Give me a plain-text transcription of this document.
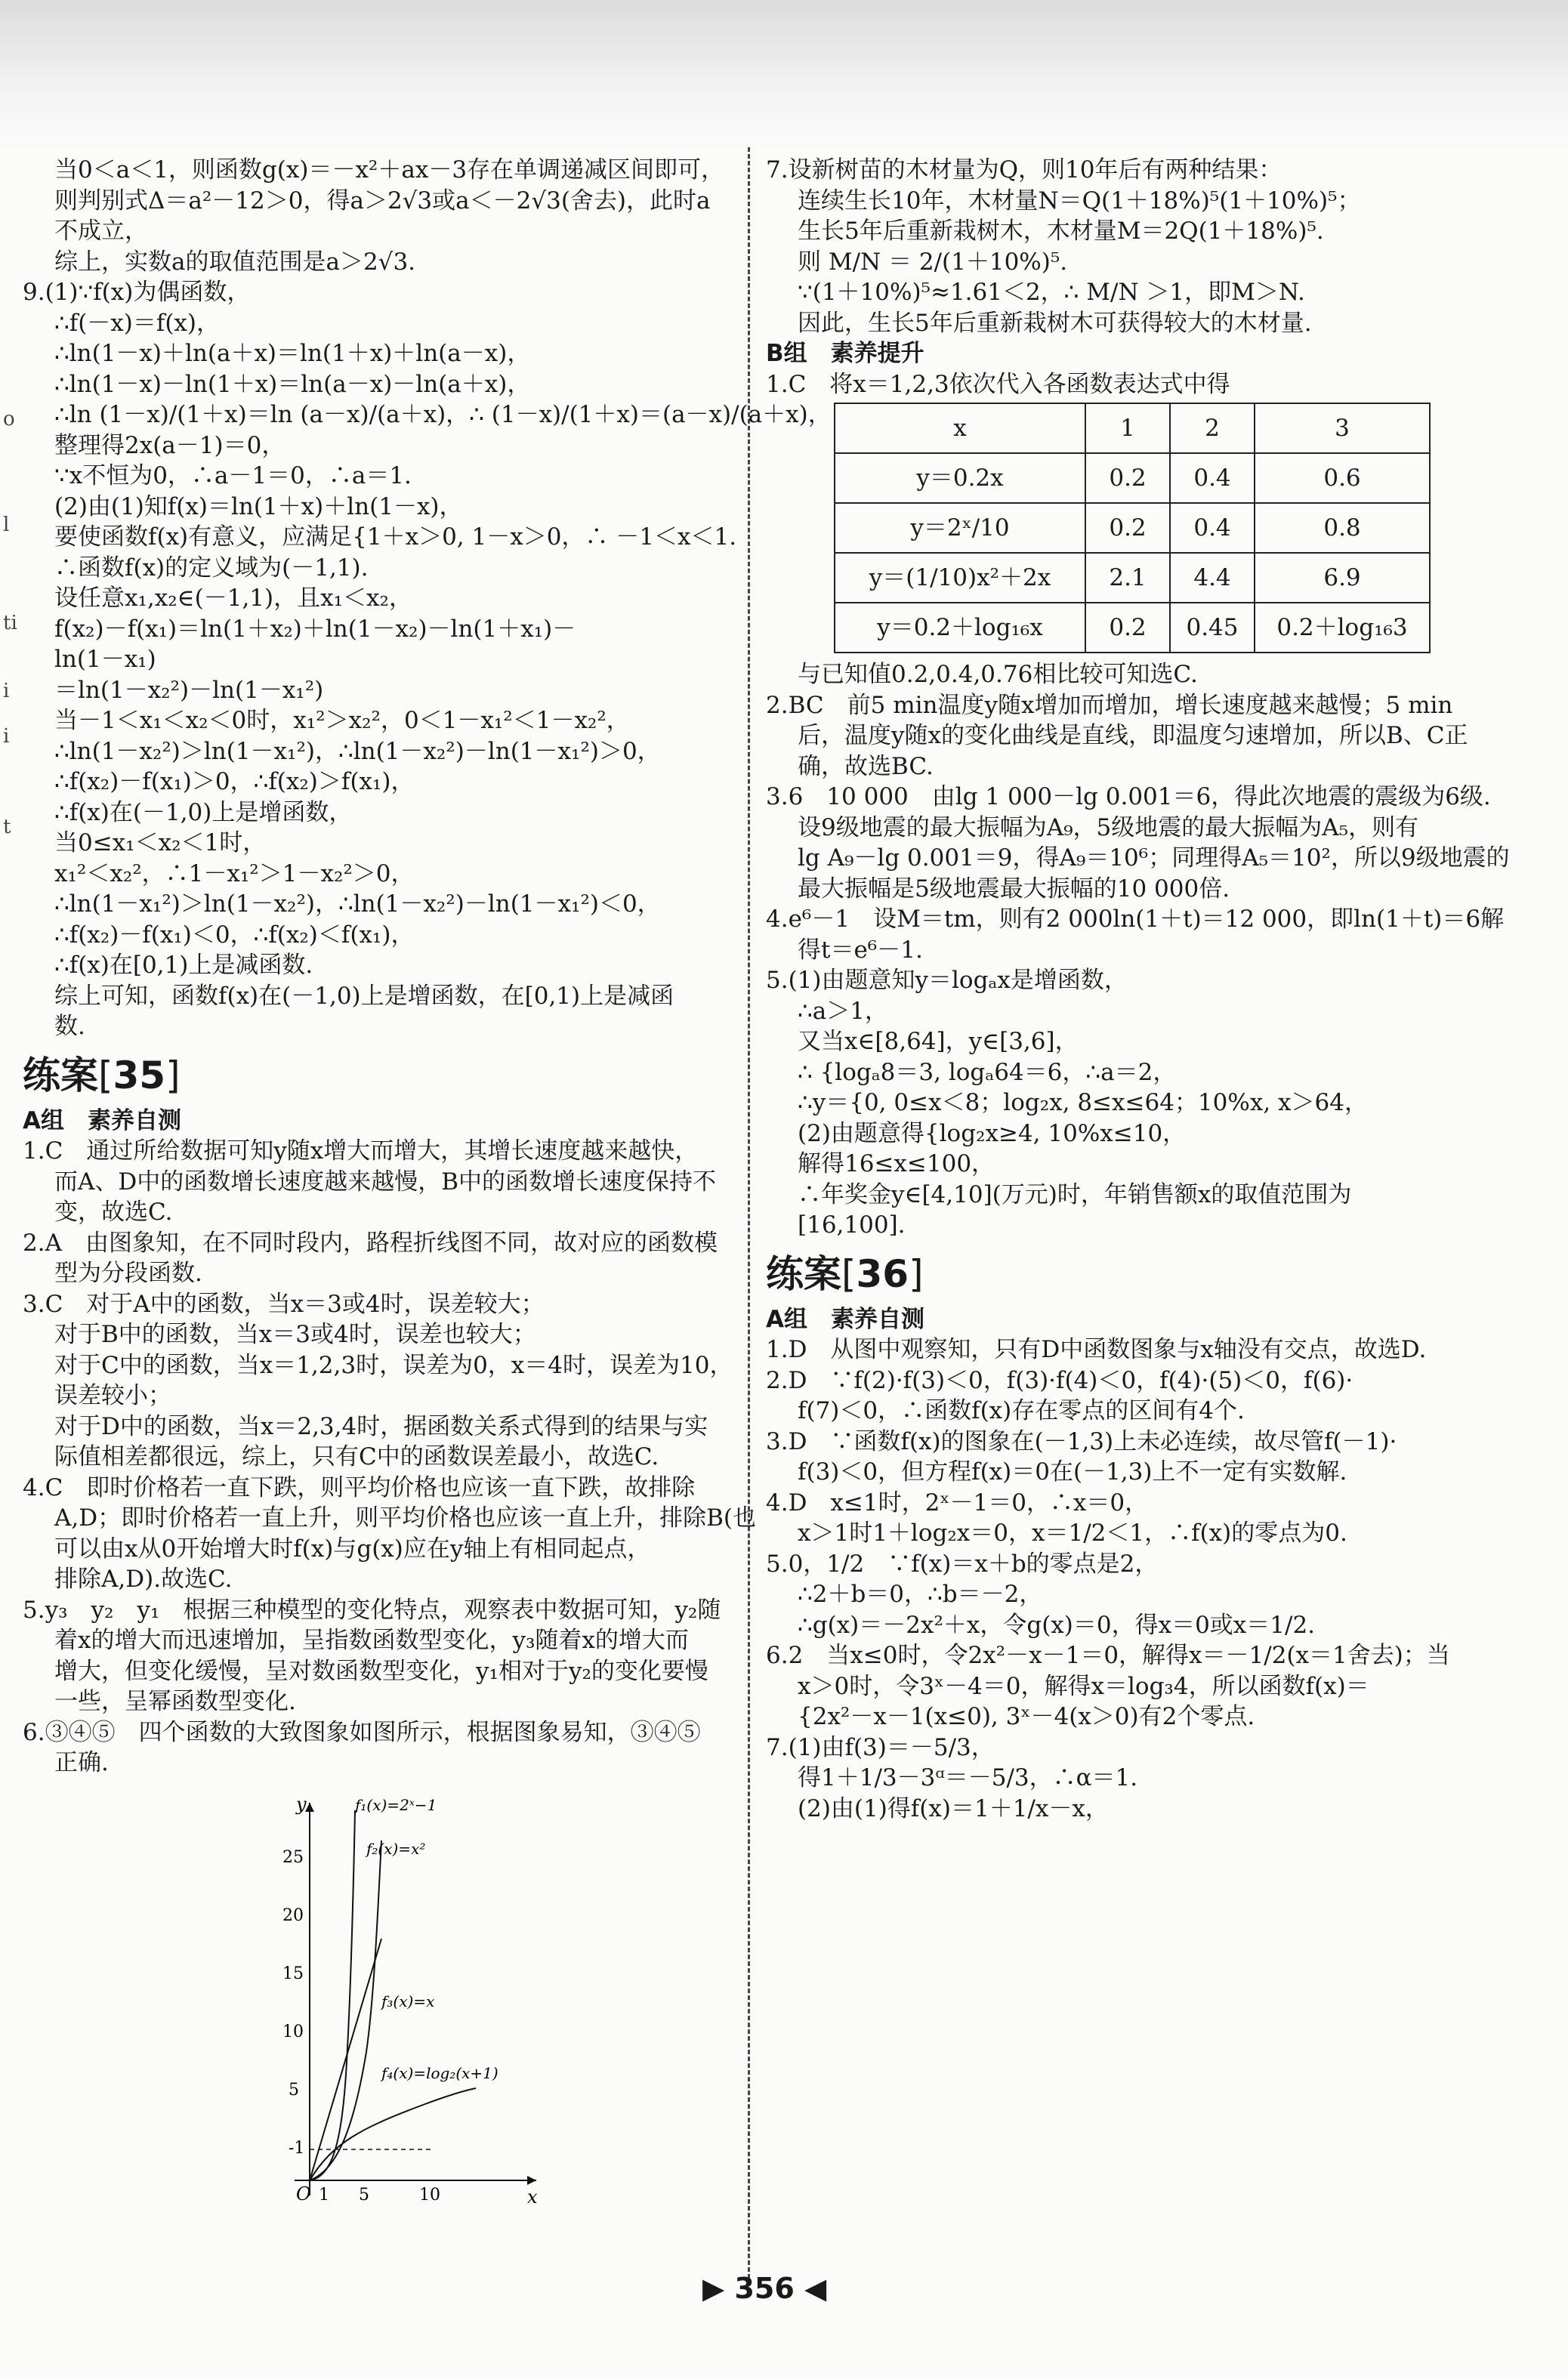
o
l
ti
i
i
t
当0＜a＜1，则函数g(x)＝－x²＋ax－3存在单调递减区间即可，
则判别式Δ＝a²－12＞0，得a＞2√3或a＜－2√3(舍去)，此时a
不成立，
综上，实数a的取值范围是a＞2√3.
9.(1)∵f(x)为偶函数，
∴f(－x)＝f(x)，
∴ln(1－x)＋ln(a＋x)＝ln(1＋x)＋ln(a－x)，
∴ln(1－x)－ln(1＋x)＝ln(a－x)－ln(a＋x)，
∴ln (1－x)/(1＋x)＝ln (a－x)/(a＋x)，∴ (1－x)/(1＋x)＝(a－x)/(a＋x)，
整理得2x(a－1)＝0，
∵x不恒为0，∴a－1＝0，∴a＝1.
(2)由(1)知f(x)＝ln(1＋x)＋ln(1－x)，
要使函数f(x)有意义，应满足{1＋x＞0, 1－x＞0，∴ －1＜x＜1.
∴函数f(x)的定义域为(－1,1).
设任意x₁,x₂∈(－1,1)，且x₁＜x₂，
f(x₂)－f(x₁)＝ln(1＋x₂)＋ln(1－x₂)－ln(1＋x₁)－
ln(1－x₁)
＝ln(1－x₂²)－ln(1－x₁²)
当－1＜x₁＜x₂＜0时，x₁²＞x₂²，0＜1－x₁²＜1－x₂²，
∴ln(1－x₂²)＞ln(1－x₁²)，∴ln(1－x₂²)－ln(1－x₁²)＞0，
∴f(x₂)－f(x₁)＞0，∴f(x₂)＞f(x₁)，
∴f(x)在(－1,0)上是增函数，
当0≤x₁＜x₂＜1时，
x₁²＜x₂²，∴1－x₁²＞1－x₂²＞0，
∴ln(1－x₁²)＞ln(1－x₂²)，∴ln(1－x₂²)－ln(1－x₁²)＜0，
∴f(x₂)－f(x₁)＜0，∴f(x₂)＜f(x₁)，
∴f(x)在[0,1)上是减函数.
综上可知，函数f(x)在(－1,0)上是增函数，在[0,1)上是减函
数.
练案[35]
A组　素养自测
1.C　通过所给数据可知y随x增大而增大，其增长速度越来越快，
而A、D中的函数增长速度越来越慢，B中的函数增长速度保持不
变，故选C.
2.A　由图象知，在不同时段内，路程折线图不同，故对应的函数模
型为分段函数.
3.C　对于A中的函数，当x＝3或4时，误差较大；
对于B中的函数，当x＝3或4时，误差也较大；
对于C中的函数，当x＝1,2,3时，误差为0，x＝4时，误差为10，
误差较小；
对于D中的函数，当x＝2,3,4时，据函数关系式得到的结果与实
际值相差都很远，综上，只有C中的函数误差最小，故选C.
4.C　即时价格若一直下跌，则平均价格也应该一直下跌，故排除
A,D；即时价格若一直上升，则平均价格也应该一直上升，排除B(也
可以由x从0开始增大时f(x)与g(x)应在y轴上有相同起点，
排除A,D).故选C.
5.y₃　y₂　y₁　根据三种模型的变化特点，观察表中数据可知，y₂随
着x的增大而迅速增加，呈指数函数型变化，y₃随着x的增大而
增大，但变化缓慢，呈对数函数型变化，y₁相对于y₂的变化要慢
一些，呈幂函数型变化.
6.③④⑤　四个函数的大致图象如图所示，根据图象易知，③④⑤
正确.
y
x
O
25
20
15
10
5
-1
1 5	10
f₁(x)=2ˣ−1
f₂(x)=x²
f₃(x)=x
f₄(x)=log₂(x+1)
7.设新树苗的木材量为Q，则10年后有两种结果：
连续生长10年，木材量N＝Q(1＋18%)⁵(1＋10%)⁵；
生长5年后重新栽树木，木材量M＝2Q(1＋18%)⁵.
则 M/N ＝ 2/(1＋10%)⁵.
∵(1＋10%)⁵≈1.61＜2，∴ M/N ＞1，即M＞N.
因此，生长5年后重新栽树木可获得较大的木材量.
B组　素养提升
1.C　将x＝1,2,3依次代入各函数表达式中得
x	1	2	3
y＝0.2x	0.2	0.4	0.6
y＝2ˣ/10	0.2	0.4	0.8
y＝(1/10)x²＋2x	2.1	4.4	6.9
y＝0.2＋log₁₆x	0.2	0.45	0.2＋log₁₆3
与已知值0.2,0.4,0.76相比较可知选C.
2.BC　前5 min温度y随x增加而增加，增长速度越来越慢；5 min
后，温度y随x的变化曲线是直线，即温度匀速增加，所以B、C正
确，故选BC.
3.6　10 000　由lg 1 000－lg 0.001＝6，得此次地震的震级为6级.
设9级地震的最大振幅为A₉，5级地震的最大振幅为A₅，则有
lg A₉－lg 0.001＝9，得A₉＝10⁶；同理得A₅＝10²，所以9级地震的
最大振幅是5级地震最大振幅的10 000倍.
4.e⁶－1　设M＝tm，则有2 000ln(1＋t)＝12 000，即ln(1＋t)＝6解
得t＝e⁶－1.
5.(1)由题意知y＝logₐx是增函数，
∴a＞1，
又当x∈[8,64]，y∈[3,6]，
∴ {logₐ8＝3, logₐ64＝6，∴a＝2，
∴y＝{0, 0≤x＜8；log₂x, 8≤x≤64；10%x, x＞64，
(2)由题意得{log₂x≥4, 10%x≤10，
解得16≤x≤100，
∴年奖金y∈[4,10](万元)时，年销售额x的取值范围为
[16,100].
练案[36]
A组　素养自测
1.D　从图中观察知，只有D中函数图象与x轴没有交点，故选D.
2.D　∵f(2)·f(3)＜0，f(3)·f(4)＜0，f(4)·(5)＜0，f(6)·
f(7)＜0，∴函数f(x)存在零点的区间有4个.
3.D　∵函数f(x)的图象在(－1,3)上未必连续，故尽管f(－1)·
f(3)＜0，但方程f(x)＝0在(－1,3)上不一定有实数解.
4.D　x≤1时，2ˣ－1＝0，∴x＝0，
x＞1时1＋log₂x＝0，x＝1/2＜1，∴f(x)的零点为0.
5.0，1/2　∵f(x)＝x＋b的零点是2，
∴2＋b＝0，∴b＝－2，
∴g(x)＝－2x²＋x，令g(x)＝0，得x＝0或x＝1/2.
6.2　当x≤0时，令2x²－x－1＝0，解得x＝－1/2(x＝1舍去)；当
x＞0时，令3ˣ－4＝0，解得x＝log₃4，所以函数f(x)＝
{2x²－x－1(x≤0), 3ˣ－4(x＞0)有2个零点.
7.(1)由f(3)＝－5/3，
得1＋1/3－3ᵅ＝－5/3，∴α＝1.
(2)由(1)得f(x)＝1＋1/x－x，
▶ 356 ◀
